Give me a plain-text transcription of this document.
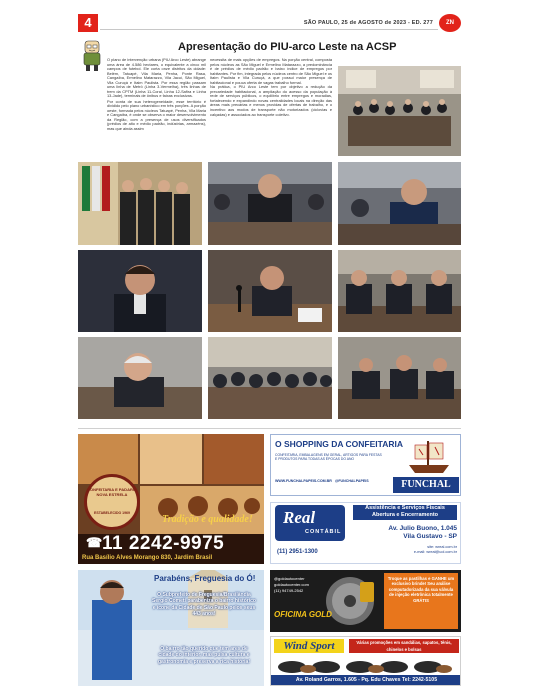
4	SÃO PAULO, 25 de AGOSTO de 2023 - ED. 277	ZN
Apresentação do PIU-arco Leste na ACSP

O plano de intervenção urbana (PIU Arco Leste) abrange uma área de 4.586 hectares, o equivalente a cinco mil campos de futebol. Ele corta onze distritos da cidade: Belém, Tatuapé, Vila Maria, Penha, Ponte Rasa, Cangaíba, Ermelino Matarazzo, Vila Jacuí, São Miguel, Vila Curuçá e Itaim Paulista. Por essa região passam uma linha de Metrô (Linha 3-Vermelha), três linhas de trem da CPTM (Linha 11-Coral, Linha 12-Safira e Linha 13-Jade), terminais de ônibus e faixas exclusivas.

Por conta de sua heterogeneidade, esse território é dividido pelo plano urbanístico em três porções. A porção oeste, formada pelos núcleos Tatuapé, Penha, Vila Maria e Cangaíba, é onde se observa o maior desenvolvimento da Região, com a presença de usos diversificados (prédios de alto e médio padrão, indústrias, armazéns), mas que ainda assim

necessita de mais opções de empregos. Na porção central, composta pelos núcleos as São Miguel e Ermelino Matarazzo, a predominância é de prédios de médio padrão e baixo índice de empregos por habitantes. Por fim, integrada pelos núcleos centro de São Miguel e os Itaim Paulista e Vila Curuçá, a que possui maior presença de habitacional e pouca oferta de vagas trabalho formal.

Na prática, o PIU Arco Leste tem por objetivo a redução da precariedade habitacional, a ampliação do acesso da população à rede de serviços públicos, o equilíbrio entre empregos e moradias, fortalecendo e expandindo novas centralidades locais na direção das áreas mais precárias e menos providas de ofertas de trabalho, e o incentivo aos modos de transporte não motorizados (ciclovias e calçadas) e associados ao transporte coletivo.

CONFEITARIA E PADARIA NOVA ESTRELA
ESTABELECIDO 1969
Tradição e qualidade!
☎ 11 2242-9975
Rua Basílio Alves Morango 830, Jardim Brasil
O SHOPPING DA CONFEITARIA
CONFEITARIA, EMBALAGENS EM GERAL, ARTIGOS PARA FESTAS
E PRODUTOS PARA TODAS AS ÉPOCAS DO ANO
WWW.FUNCHALPAPEIS.COM.BR @FUNCHALPAPEIS	FUNCHAL
Real
CONTÁBIL
(11) 2951-1300
Assistência e Serviços Fiscais
Abertura e Encerramento
Av. Julio Buono, 1.045
Vila Gustavo - SP
site: wreal.com.br
e-mail: wreal@uol.com.br
Parabéns, Freguesia do Ó!
O Subprefeito de Freguesia/Brasilândia Sergio Cometi parabeniza o bairro histórico e ícone da Cidade de São Paulo pelos seus 443 anos!
O bairro tão querido que tem ares de cidade do interior, mas pulsa cultura e gastronomia e preserva a rica história!
@goldautocenter
goldautocenter.com
(11) 94749-2542
OFICINA GOLD
Troque as pastilhas e GANHE um exclusivo brinde! Seu análise computadorizada da sua válvula de injeção eletrônica totalmente GRÁTIS
Wind Sport	Várias promoções em sandálias, sapatos, tênis, chinelos e bolsas
Av. Roland Garros, 1.605 - Pq. Edu Chaves Tel: 2242-5105
